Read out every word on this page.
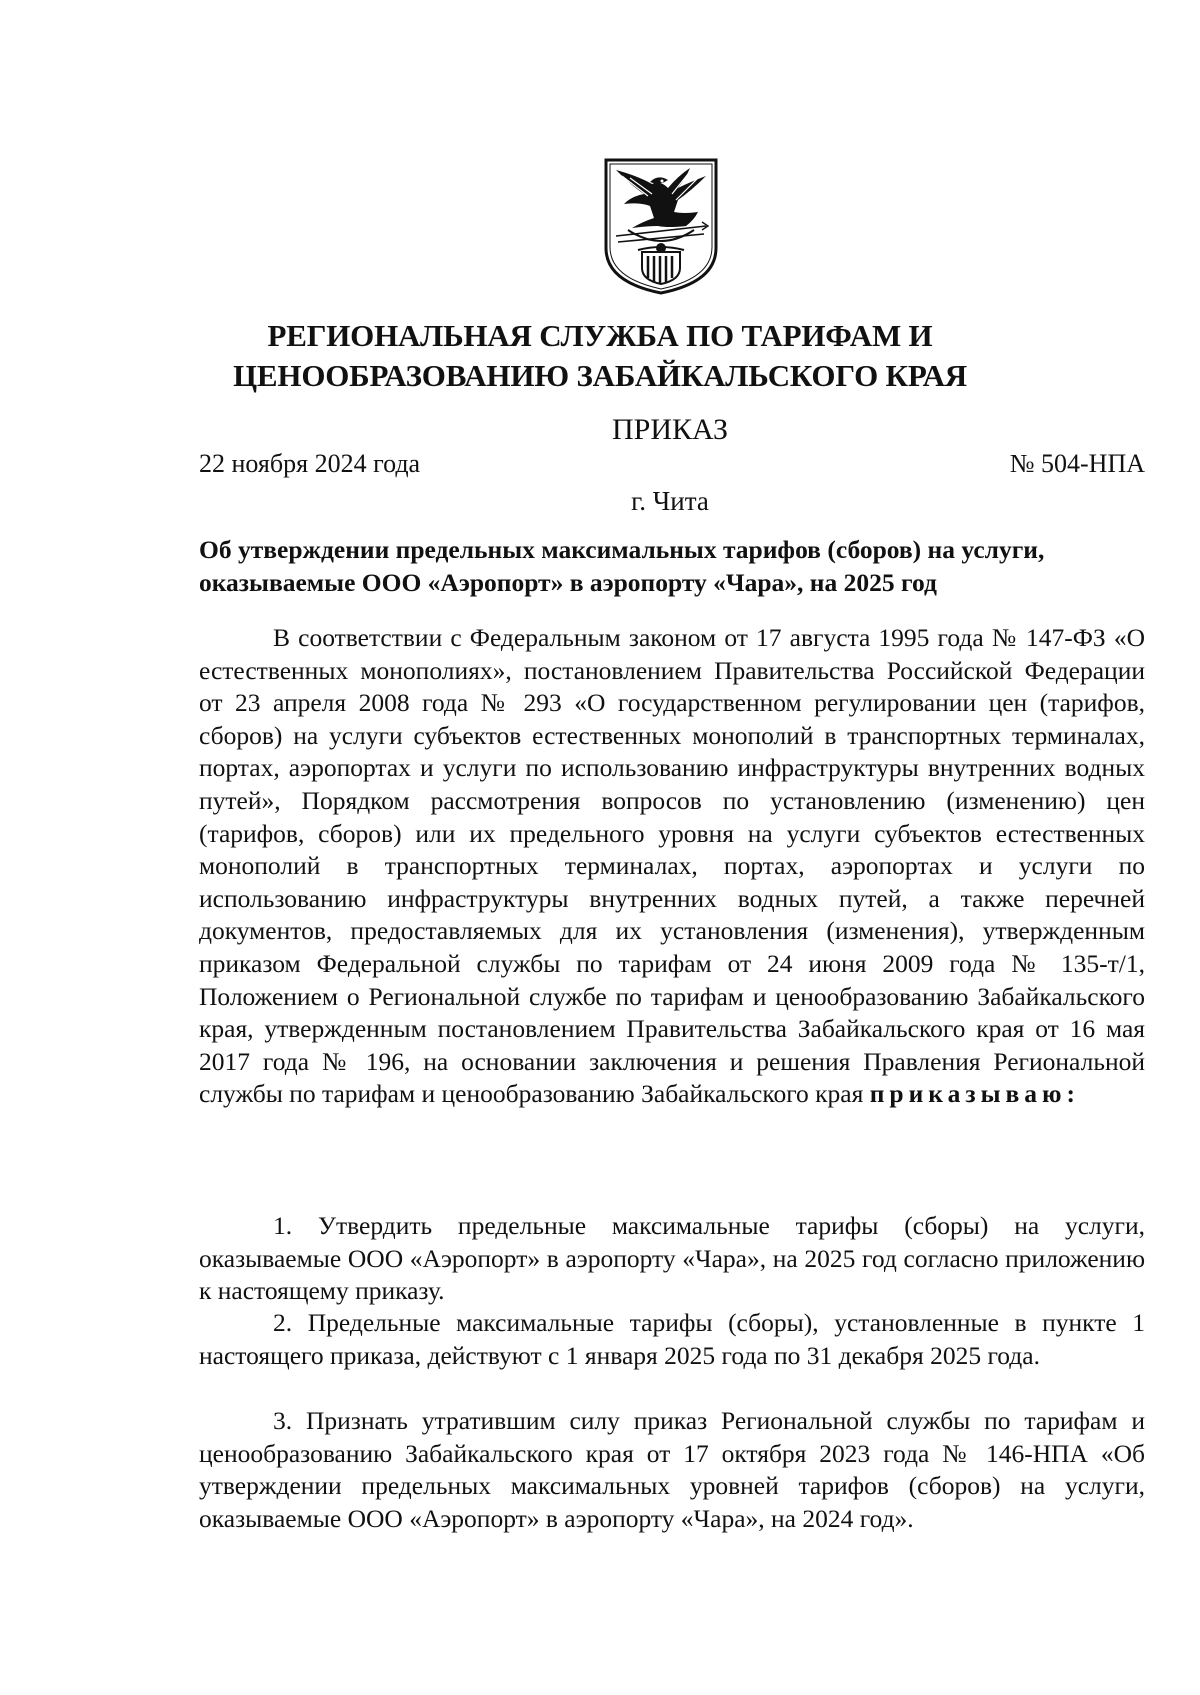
РЕГИОНАЛЬНАЯ СЛУЖБА ПО ТАРИФАМ И
ЦЕНООБРАЗОВАНИЮ ЗАБАЙКАЛЬСКОГО КРАЯ
ПРИКАЗ
22 ноября 2024 года	№ 504-НПА
г. Чита
Об утверждении предельных максимальных тарифов (сборов) на услуги, оказываемые ООО «Аэропорт» в аэропорту «Чара», на 2025 год

В соответствии с Федеральным законом от 17 августа 1995 года № 147-ФЗ «О естественных монополиях», постановлением Правительства Российской Федерации от 23 апреля 2008 года № 293 «О государственном регулировании цен (тарифов, сборов) на услуги субъектов естественных монополий в транспортных терминалах, портах, аэропортах и услуги по использованию инфраструктуры внутренних водных путей», Порядком рассмотрения вопросов по установлению (изменению) цен (тарифов, сборов) или их предельного уровня на услуги субъектов естественных монополий в транспортных терминалах, портах, аэропортах и услуги по использованию инфраструктуры внутренних водных путей, а также перечней документов, предоставляемых для их установления (изменения), утвержденным приказом Федеральной службы по тарифам от 24 июня 2009 года № 135-т/1, Положением о Региональной службе по тарифам и ценообразованию Забайкальского края, утвержденным постановлением Правительства Забайкальского края от 16 мая 2017 года № 196, на основании заключения и решения Правления Региональной службы по тарифам и ценообразованию Забайкальского края приказываю:

1. Утвердить предельные максимальные тарифы (сборы) на услуги, оказываемые ООО «Аэропорт» в аэропорту «Чара», на 2025 год согласно приложению к настоящему приказу.

2. Предельные максимальные тарифы (сборы), установленные в пункте 1 настоящего приказа, действуют с 1 января 2025 года по 31 декабря 2025 года.

3. Признать утратившим силу приказ Региональной службы по тарифам и ценообразованию Забайкальского края от 17 октября 2023 года № 146-НПА «Об утверждении предельных максимальных уровней тарифов (сборов) на услуги, оказываемые ООО «Аэропорт» в аэропорту «Чара», на 2024 год».
